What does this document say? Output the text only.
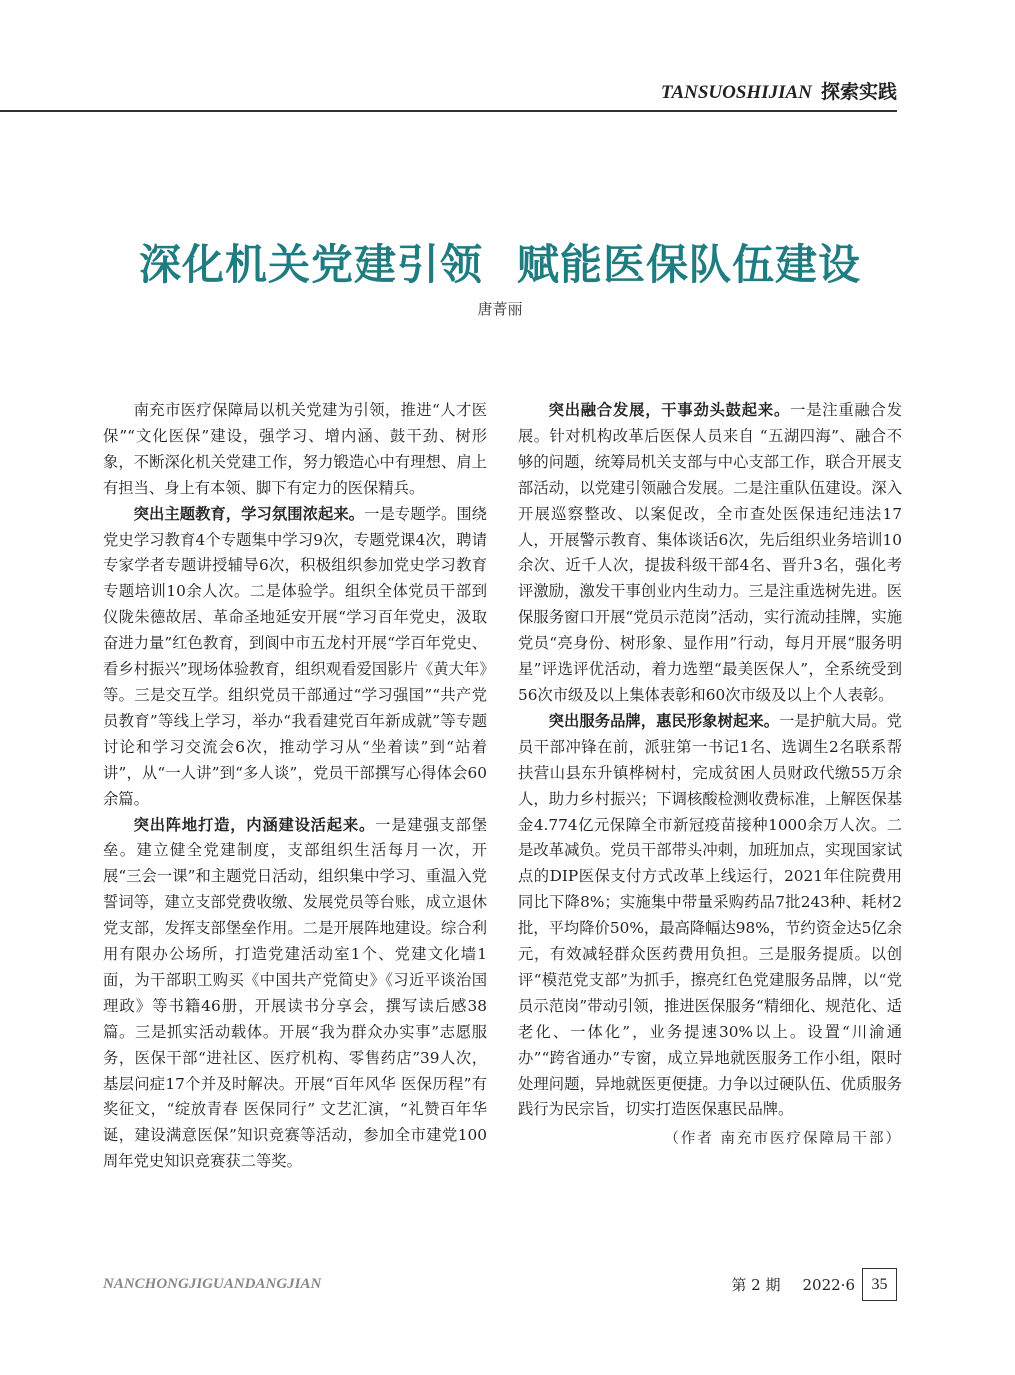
TANSUOSHIJIAN 探索实践
深化机关党建引领 赋能医保队伍建设
唐菁丽

南充市医疗保障局以机关党建为引领，推进“人才医保”“文化医保”建设，强学习、增内涵、鼓干劲、树形象，不断深化机关党建工作，努力锻造心中有理想、肩上有担当、身上有本领、脚下有定力的医保精兵。

突出主题教育，学习氛围浓起来。一是专题学。围绕党史学习教育4个专题集中学习9次，专题党课4次，聘请专家学者专题讲授辅导6次，积极组织参加党史学习教育专题培训10余人次。二是体验学。组织全体党员干部到仪陇朱德故居、革命圣地延安开展“学习百年党史，汲取奋进力量”红色教育，到阆中市五龙村开展“学百年党史、看乡村振兴”现场体验教育，组织观看爱国影片《黄大年》等。三是交互学。组织党员干部通过“学习强国”“共产党员教育”等线上学习，举办“我看建党百年新成就”等专题讨论和学习交流会6次，推动学习从“坐着读”到“站着讲”，从“一人讲”到“多人谈”，党员干部撰写心得体会60余篇。

突出阵地打造，内涵建设活起来。一是建强支部堡垒。建立健全党建制度，支部组织生活每月一次，开展“三会一课”和主题党日活动，组织集中学习、重温入党誓词等，建立支部党费收缴、发展党员等台账，成立退休党支部，发挥支部堡垒作用。二是开展阵地建设。综合利用有限办公场所，打造党建活动室1个、党建文化墙1面，为干部职工购买《中国共产党简史》《习近平谈治国理政》等书籍46册，开展读书分享会，撰写读后感38篇。三是抓实活动载体。开展“我为群众办实事”志愿服务，医保干部“进社区、医疗机构、零售药店”39人次，基层问症17个并及时解决。开展“百年风华 医保历程”有奖征文，“绽放青春 医保同行” 文艺汇演，“礼赞百年华诞，建设满意医保”知识竞赛等活动，参加全市建党100周年党史知识竞赛获二等奖。

突出融合发展，干事劲头鼓起来。一是注重融合发展。针对机构改革后医保人员来自 “五湖四海”、融合不够的问题，统筹局机关支部与中心支部工作，联合开展支部活动，以党建引领融合发展。二是注重队伍建设。深入开展巡察整改、以案促改，全市查处医保违纪违法17人，开展警示教育、集体谈话6次，先后组织业务培训10余次、近千人次，提拔科级干部4名、晋升3名，强化考评激励，激发干事创业内生动力。三是注重选树先进。医保服务窗口开展“党员示范岗”活动，实行流动挂牌，实施党员“亮身份、树形象、显作用”行动，每月开展“服务明星”评选评优活动，着力选塑“最美医保人”，全系统受到56次市级及以上集体表彰和60次市级及以上个人表彰。

突出服务品牌，惠民形象树起来。一是护航大局。党员干部冲锋在前，派驻第一书记1名、选调生2名联系帮扶营山县东升镇桦树村，完成贫困人员财政代缴55万余人，助力乡村振兴；下调核酸检测收费标准，上解医保基金4.774亿元保障全市新冠疫苗接种1000余万人次。二是改革减负。党员干部带头冲刺，加班加点，实现国家试点的DIP医保支付方式改革上线运行，2021年住院费用同比下降8%；实施集中带量采购药品7批243种、耗材2批，平均降价50%，最高降幅达98%，节约资金达5亿余元，有效减轻群众医药费用负担。三是服务提质。以创评“模范党支部”为抓手，擦亮红色党建服务品牌，以“党员示范岗”带动引领，推进医保服务“精细化、规范化、适老化、一体化”，业务提速30%以上。设置“川渝通办”“跨省通办”专窗，成立异地就医服务工作小组，限时处理问题，异地就医更便捷。力争以过硬队伍、优质服务践行为民宗旨，切实打造医保惠民品牌。

（作者 南充市医疗保障局干部）

NANCHONGJIGUANDANGJIAN	第 2 期 2022·6	35
